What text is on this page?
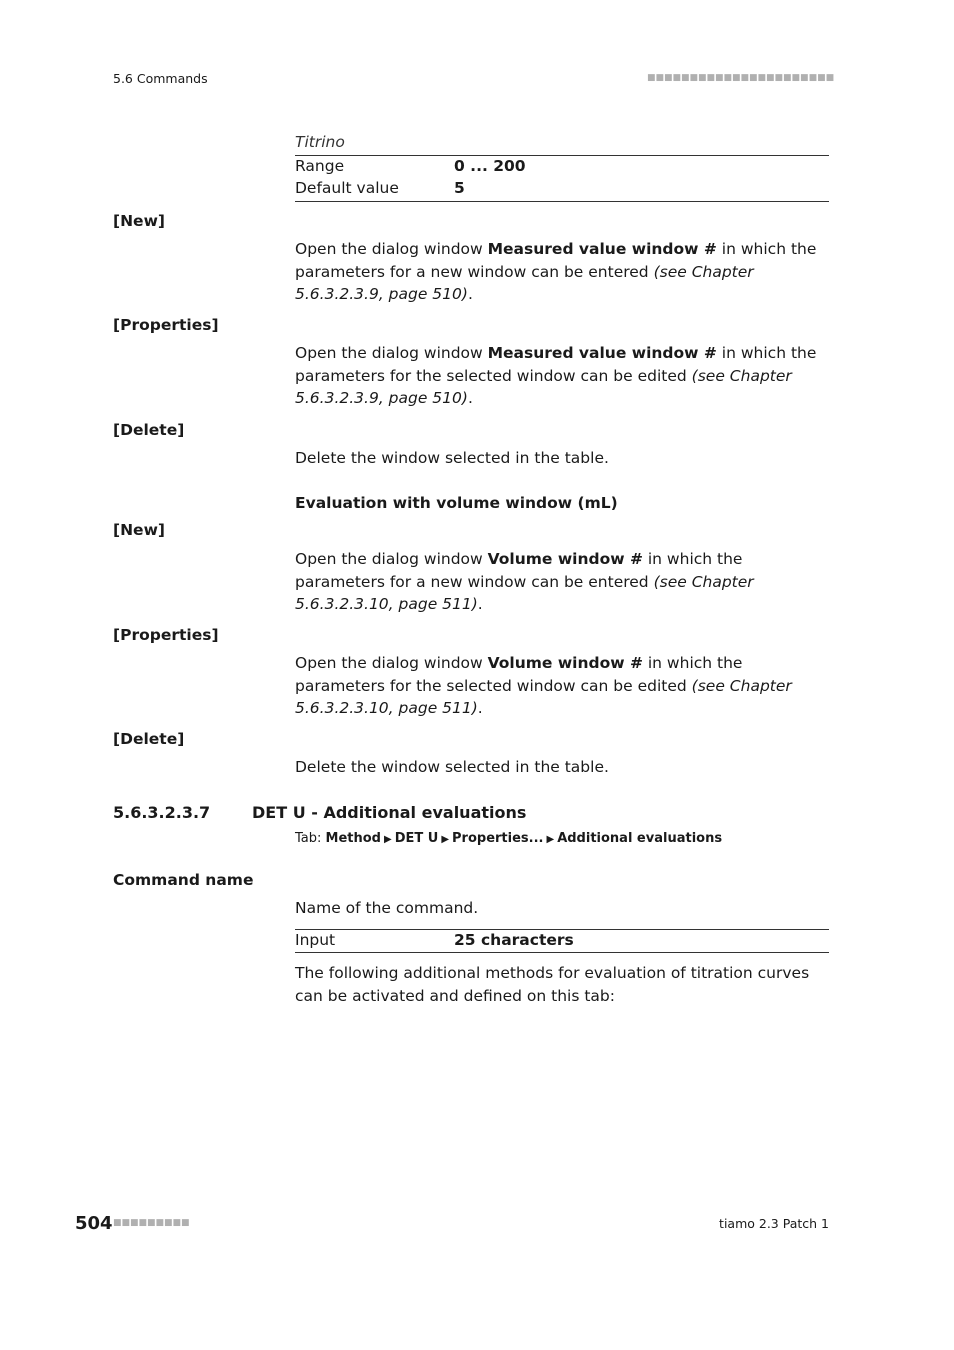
5.6 Commands	■■■■■■■■■■■■■■■■■■■■■■
Titrino
Range	0 ... 200
Default value	5
[New]
Open the dialog window Measured value window # in which the parameters for a new window can be entered (see Chapter 5.6.3.2.3.9, page 510).
[Properties]
Open the dialog window Measured value window # in which the parameters for the selected window can be edited (see Chapter 5.6.3.2.3.9, page 510).
[Delete]
Delete the window selected in the table.
Evaluation with volume window (mL)
[New]
Open the dialog window Volume window # in which the parameters for a new window can be entered (see Chapter 5.6.3.2.3.10, page 511).
[Properties]
Open the dialog window Volume window # in which the parameters for the selected window can be edited (see Chapter 5.6.3.2.3.10, page 511).
[Delete]
Delete the window selected in the table.
5.6.3.2.3.7	DET U - Additional evaluations
Tab: Method ▶ DET U ▶ Properties... ▶ Additional evaluations
Command name
Name of the command.
Input	25 characters
The following additional methods for evaluation of titration curves can be activated and defined on this tab:
504 ■■■■■■■■■	tiamo 2.3 Patch 1
